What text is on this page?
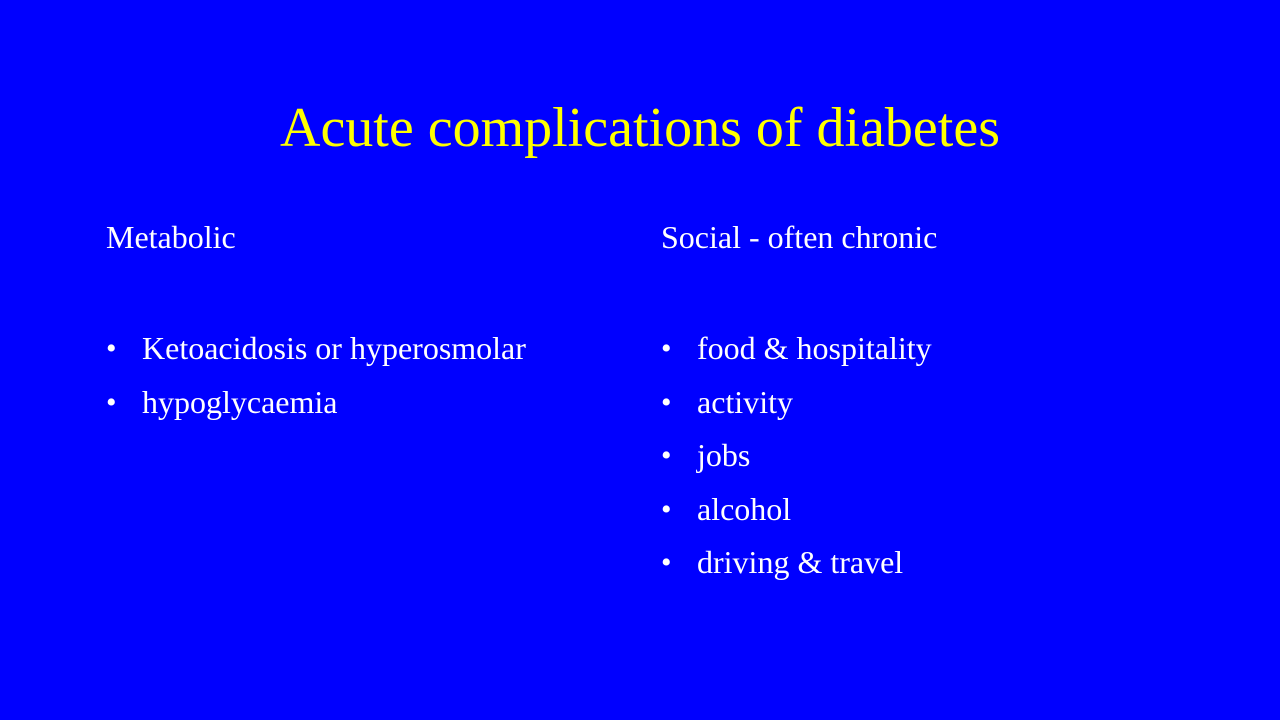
Acute complications of diabetes
Metabolic
• Ketoacidosis or hyperosmolar
• hypoglycaemia
Social - often chronic
• food & hospitality
• activity
• jobs
• alcohol
• driving & travel
